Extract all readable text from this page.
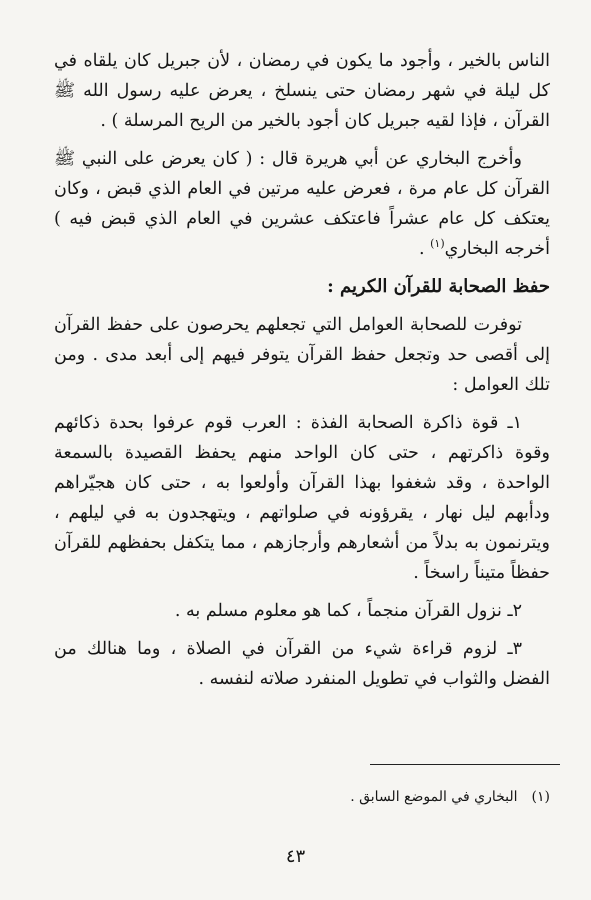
الناس بالخير ، وأجود ما يكون في رمضان ، لأن جبريل كان يلقاه في كل ليلة في شهر رمضان حتى ينسلخ ، يعرض عليه رسول الله ﷺ القرآن ، فإذا لقيه جبريل كان أجود بالخير من الريح المرسلة ) .

وأخرج البخاري عن أبي هريرة قال : ( كان يعرض على النبي ﷺ القرآن كل عام مرة ، فعرض عليه مرتين في العام الذي قبض ، وكان يعتكف كل عام عشراً فاعتكف عشرين في العام الذي قبض فيه ) أخرجه البخاري$^{(١)}$ .

حفظ الصحابة للقرآن الكريم :

توفرت للصحابة العوامل التي تجعلهم يحرصون على حفظ القرآن إلى أقصى حد وتجعل حفظ القرآن يتوفر فيهم إلى أبعد مدى . ومن تلك العوامل :

١ـ قوة ذاكرة الصحابة الفذة : العرب قوم عرفوا بحدة ذكائهم وقوة ذاكرتهم ، حتى كان الواحد منهم يحفظ القصيدة بالسمعة الواحدة ، وقد شغفوا بهذا القرآن وأولعوا به ، حتى كان هجيّراهم ودأبهم ليل نهار ، يقرؤونه في صلواتهم ، ويتهجدون به في ليلهم ، ويترنمون به بدلاً من أشعارهم وأرجازهم ، مما يتكفل بحفظهم للقرآن حفظاً متيناً راسخاً .

٢ـ نزول القرآن منجماً ، كما هو معلوم مسلم به .

٣ـ لزوم قراءة شيء من القرآن في الصلاة ، وما هنالك من الفضل والثواب في تطويل المنفرد صلاته لنفسه .

(١)البخاري في الموضع السابق .
٤٣
